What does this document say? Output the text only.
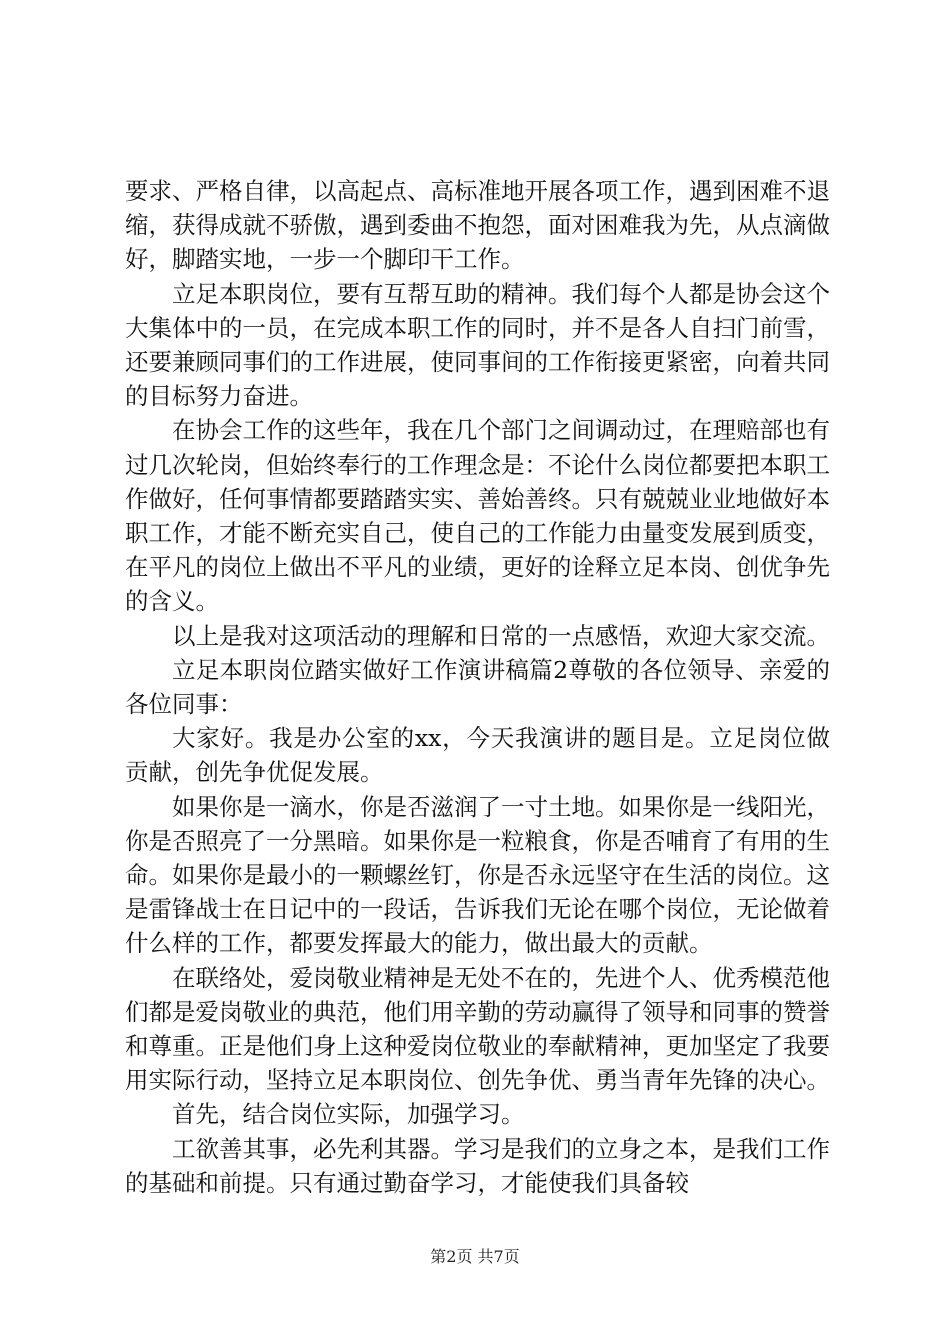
要求、严格自律，以高起点、高标准地开展各项工作，遇到困难不退缩，获得成就不骄傲，遇到委曲不抱怨，面对困难我为先，从点滴做好，脚踏实地，一步一个脚印干工作。

立足本职岗位，要有互帮互助的精神。我们每个人都是协会这个大集体中的一员，在完成本职工作的同时，并不是各人自扫门前雪，还要兼顾同事们的工作进展，使同事间的工作衔接更紧密，向着共同的目标努力奋进。

在协会工作的这些年，我在几个部门之间调动过，在理赔部也有过几次轮岗，但始终奉行的工作理念是：不论什么岗位都要把本职工作做好，任何事情都要踏踏实实、善始善终。只有兢兢业业地做好本职工作，才能不断充实自己，使自己的工作能力由量变发展到质变，在平凡的岗位上做出不平凡的业绩，更好的诠释立足本岗、创优争先的含义。

以上是我对这项活动的理解和日常的一点感悟，欢迎大家交流。

立足本职岗位踏实做好工作演讲稿篇2尊敬的各位领导、亲爱的各位同事：

大家好。我是办公室的xx，今天我演讲的题目是。立足岗位做贡献，创先争优促发展。

如果你是一滴水，你是否滋润了一寸土地。如果你是一线阳光，你是否照亮了一分黑暗。如果你是一粒粮食，你是否哺育了有用的生命。如果你是最小的一颗螺丝钉，你是否永远坚守在生活的岗位。这是雷锋战士在日记中的一段话，告诉我们无论在哪个岗位，无论做着什么样的工作，都要发挥最大的能力，做出最大的贡献。

在联络处，爱岗敬业精神是无处不在的，先进个人、优秀模范他们都是爱岗敬业的典范，他们用辛勤的劳动赢得了领导和同事的赞誉和尊重。正是他们身上这种爱岗位敬业的奉献精神，更加坚定了我要用实际行动，坚持立足本职岗位、创先争优、勇当青年先锋的决心。

首先，结合岗位实际，加强学习。

工欲善其事，必先利其器。学习是我们的立身之本，是我们工作的基础和前提。只有通过勤奋学习，才能使我们具备较

第2页 共7页
